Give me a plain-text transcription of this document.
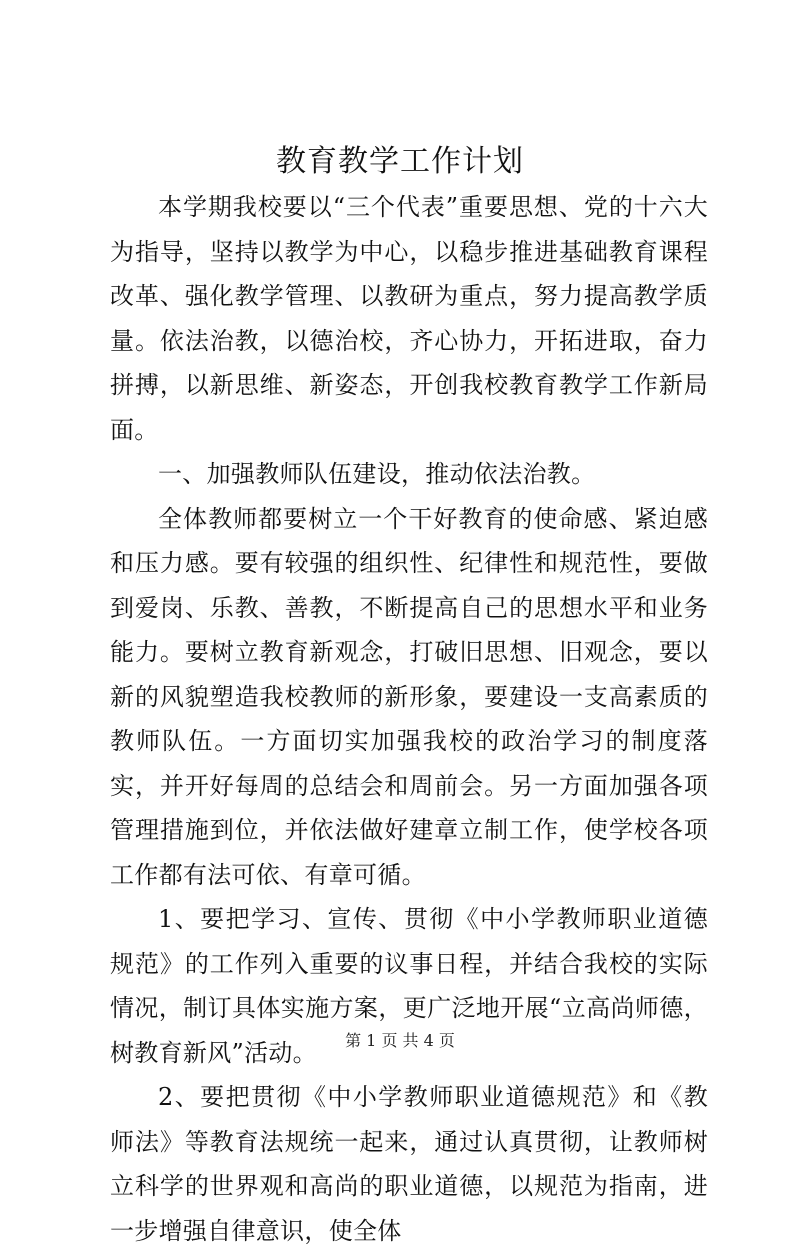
教育教学工作计划

本学期我校要以“三个代表”重要思想、党的十六大为指导，坚持以教学为中心，以稳步推进基础教育课程改革、强化教学管理、以教研为重点，努力提高教学质量。依法治教，以德治校，齐心协力，开拓进取，奋力拼搏，以新思维、新姿态，开创我校教育教学工作新局面。

一、加强教师队伍建设，推动依法治教。

全体教师都要树立一个干好教育的使命感、紧迫感和压力感。要有较强的组织性、纪律性和规范性，要做到爱岗、乐教、善教，不断提高自己的思想水平和业务能力。要树立教育新观念，打破旧思想、旧观念，要以新的风貌塑造我校教师的新形象，要建设一支高素质的教师队伍。一方面切实加强我校的政治学习的制度落实，并开好每周的总结会和周前会。另一方面加强各项管理措施到位，并依法做好建章立制工作，使学校各项工作都有法可依、有章可循。

1、要把学习、宣传、贯彻《中小学教师职业道德规范》的工作列入重要的议事日程，并结合我校的实际情况，制订具体实施方案，更广泛地开展“立高尚师德，树教育新风”活动。

2、要把贯彻《中小学教师职业道德规范》和《教师法》等教育法规统一起来，通过认真贯彻，让教师树立科学的世界观和高尚的职业道德，以规范为指南，进一步增强自律意识，使全体

第 1 页 共 4 页
